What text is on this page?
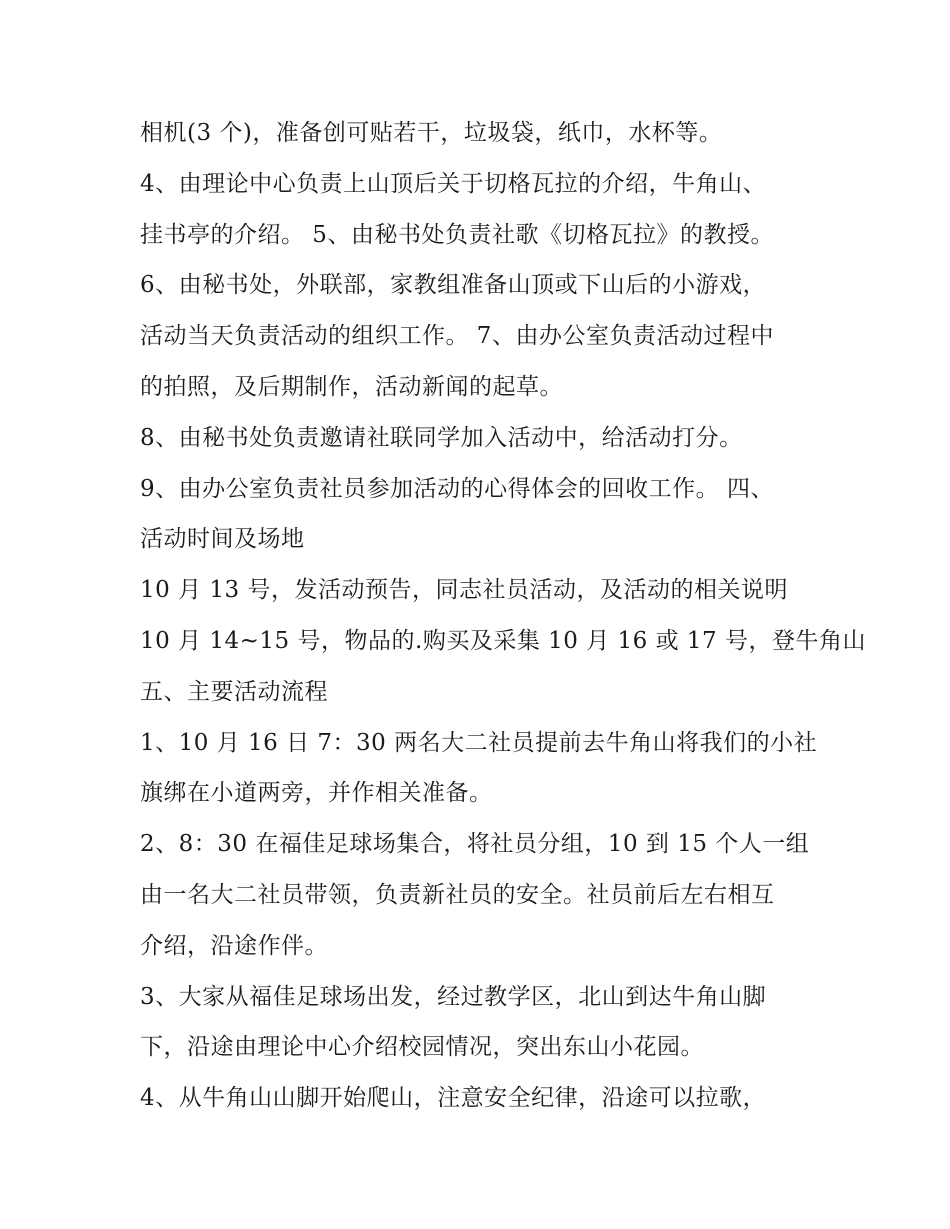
相机(3 个)，准备创可贴若干，垃圾袋，纸巾，水杯等。
4、由理论中心负责上山顶后关于切格瓦拉的介绍，牛角山、
挂书亭的介绍。 5、由秘书处负责社歌《切格瓦拉》的教授。
6、由秘书处，外联部，家教组准备山顶或下山后的小游戏，
活动当天负责活动的组织工作。 7、由办公室负责活动过程中
的拍照，及后期制作，活动新闻的起草。
8、由秘书处负责邀请社联同学加入活动中，给活动打分。
9、由办公室负责社员参加活动的心得体会的回收工作。 四、
活动时间及场地
10 月 13 号，发活动预告，同志社员活动，及活动的相关说明
10 月 14~15 号，物品的.购买及采集 10 月 16 或 17 号，登牛角山
五、主要活动流程
1、10 月 16 日 7：30 两名大二社员提前去牛角山将我们的小社
旗绑在小道两旁，并作相关准备。
2、8：30 在福佳足球场集合，将社员分组，10 到 15 个人一组
由一名大二社员带领，负责新社员的安全。社员前后左右相互
介绍，沿途作伴。
3、大家从福佳足球场出发，经过教学区，北山到达牛角山脚
下，沿途由理论中心介绍校园情况，突出东山小花园。
4、从牛角山山脚开始爬山，注意安全纪律，沿途可以拉歌，
